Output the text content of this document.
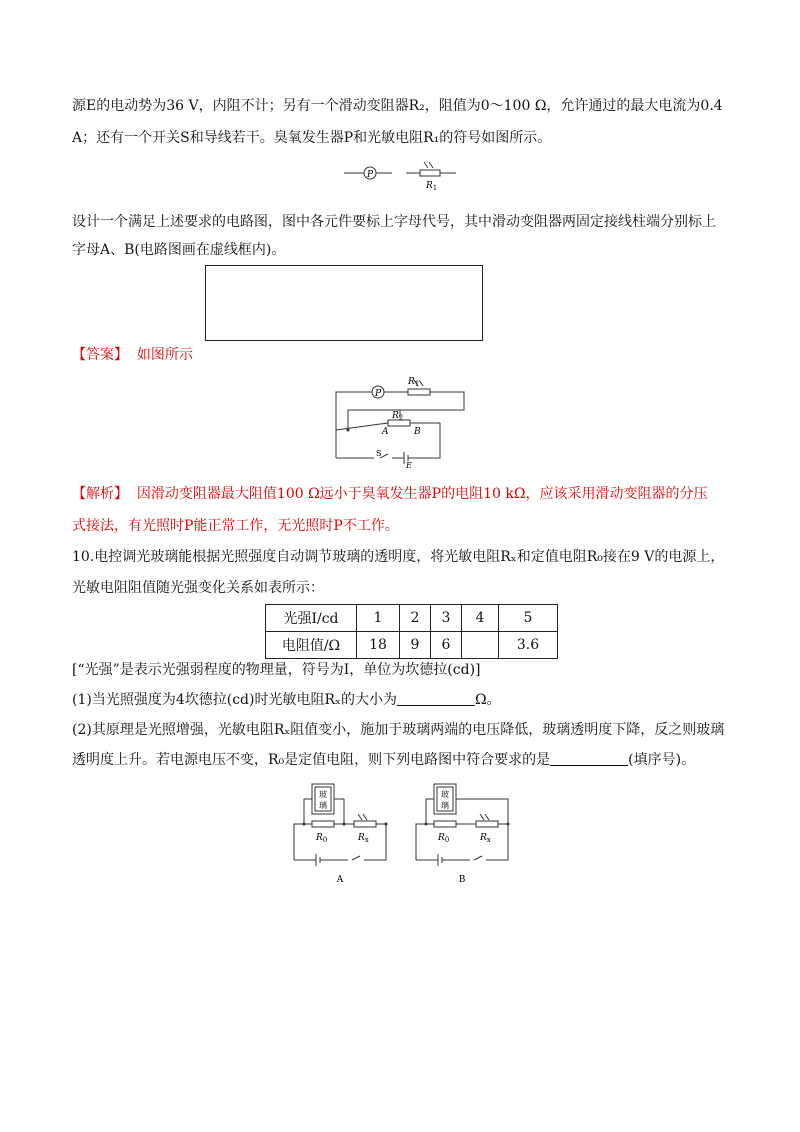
源E的电动势为36 V，内阻不计；另有一个滑动变阻器R₂，阻值为0～100 Ω，允许通过的最大电流为0.4
A；还有一个开关S和导线若干。臭氧发生器P和光敏电阻R₁的符号如图所示。
P
$R_1$
设计一个满足上述要求的电路图，图中各元件要标上字母代号，其中滑动变阻器两固定接线柱端分别标上
字母A、B(电路图画在虚线框内)。
【答案】 如图所示
P
$R_1$
$R_2$
A	B
S
E
【解析】 因滑动变阻器最大阻值100 Ω远小于臭氧发生器P的电阻10 kΩ，应该采用滑动变阻器的分压
式接法，有光照时P能正常工作，无光照时P不工作。
10.电控调光玻璃能根据光照强度自动调节玻璃的透明度，将光敏电阻Rₓ和定值电阻R₀接在9 V的电源上，
光敏电阻阻值随光强变化关系如表所示：
光强I/cd	1	2	3	4	5
电阻值/Ω	18	9	6		3.6
[“光强”是表示光强弱程度的物理量，符号为I，单位为坎德拉(cd)]
(1)当光照强度为4坎德拉(cd)时光敏电阻Rₓ的大小为	Ω。
(2)其原理是光照增强，光敏电阻Rₓ阻值变小，施加于玻璃两端的电压降低，玻璃透明度下降，反之则玻璃
透明度上升。若电源电压不变，R₀是定值电阻，则下列电路图中符合要求的是	(填序号)。
玻
璃
$R_0$	$R_x$
A
玻
璃
$R_0$	$R_x$
B
